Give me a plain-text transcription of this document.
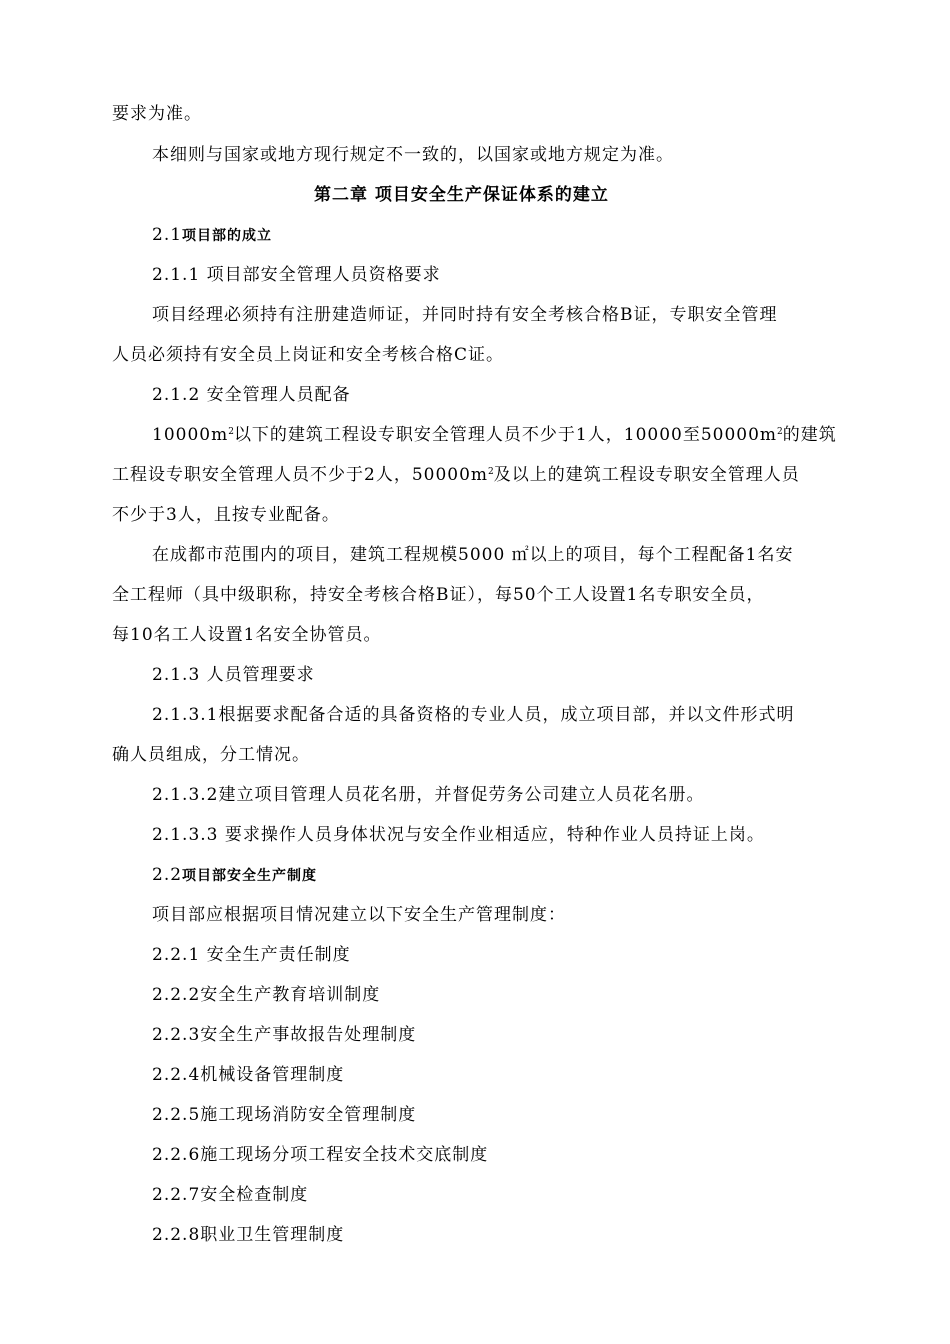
要求为准。
本细则与国家或地方现行规定不一致的，以国家或地方规定为准。
第二章 项目安全生产保证体系的建立
2.1项目部的成立
2.1.1 项目部安全管理人员资格要求
项目经理必须持有注册建造师证，并同时持有安全考核合格B证，专职安全管理
人员必须持有安全员上岗证和安全考核合格C证。
2.1.2 安全管理人员配备
$10000m^2$以下的建筑工程设专职安全管理人员不少于1人，10000至$50000m^2$的建筑
工程设专职安全管理人员不少于2人，$50000m^2$及以上的建筑工程设专职安全管理人员
不少于3人，且按专业配备。
在成都市范围内的项目，建筑工程规模5000 ㎡以上的项目，每个工程配备1名安
全工程师（具中级职称，持安全考核合格B证），每50个工人设置1名专职安全员，
每10名工人设置1名安全协管员。
2.1.3 人员管理要求
2.1.3.1根据要求配备合适的具备资格的专业人员，成立项目部，并以文件形式明
确人员组成，分工情况。
2.1.3.2建立项目管理人员花名册，并督促劳务公司建立人员花名册。
2.1.3.3 要求操作人员身体状况与安全作业相适应，特种作业人员持证上岗。
2.2项目部安全生产制度
项目部应根据项目情况建立以下安全生产管理制度：
2.2.1 安全生产责任制度
2.2.2安全生产教育培训制度
2.2.3安全生产事故报告处理制度
2.2.4机械设备管理制度
2.2.5施工现场消防安全管理制度
2.2.6施工现场分项工程安全技术交底制度
2.2.7安全检查制度
2.2.8职业卫生管理制度
